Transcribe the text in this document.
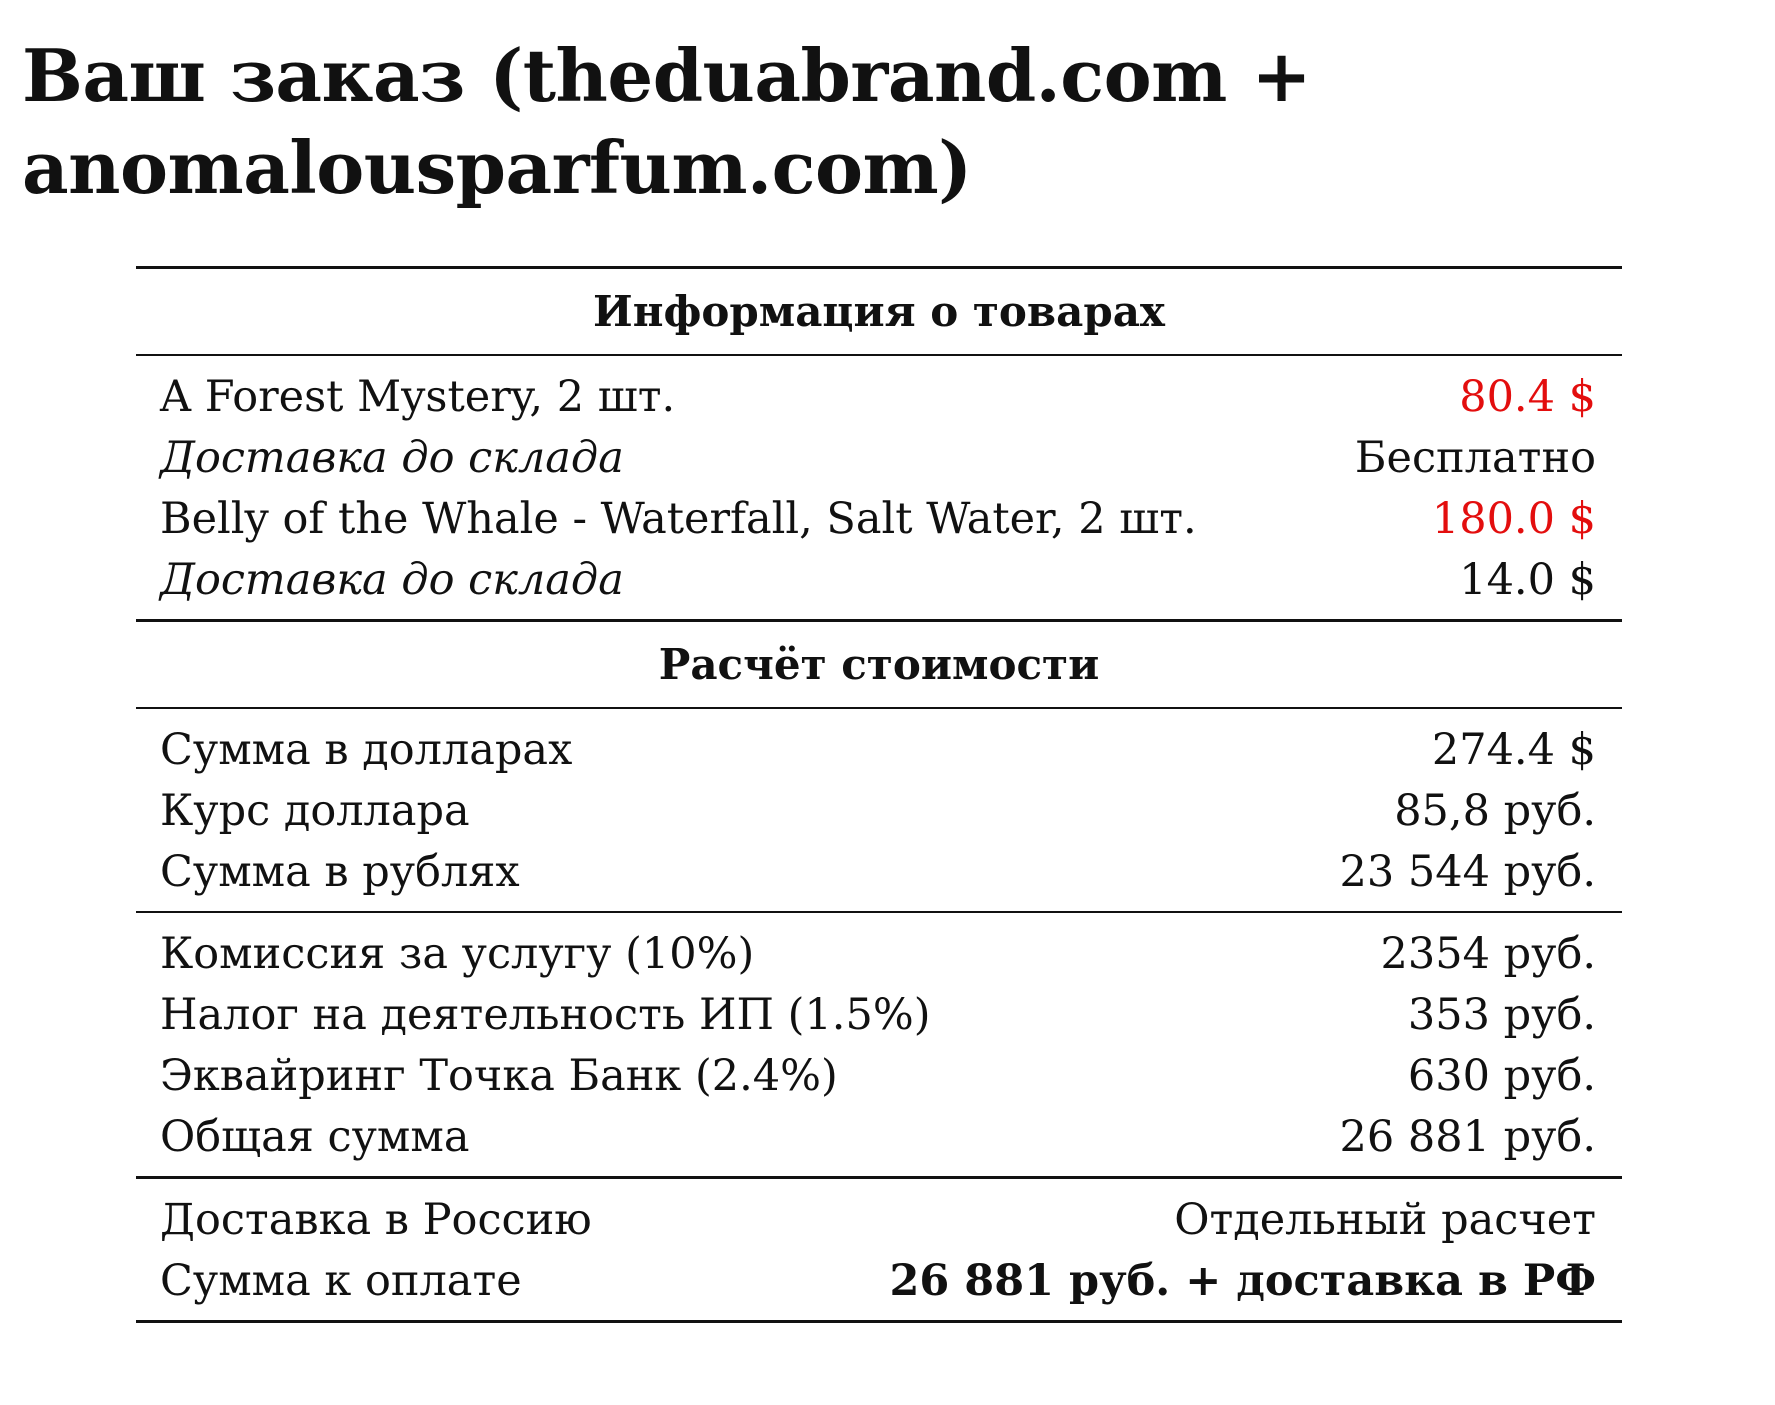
Ваш заказ (theduabrand.com +
anomalousparfum.com)
Информация о товарах
A Forest Mystery, 2 шт.	80.4 $
Доставка до склада	Бесплатно
Belly of the Whale - Waterfall, Salt Water, 2 шт.	180.0 $
Доставка до склада	14.0 $
Расчёт стоимости
Сумма в долларах	274.4 $
Курс доллара	85,8 руб.
Сумма в рублях	23 544 руб.
Комиссия за услугу (10%)	2354 руб.
Налог на деятельность ИП (1.5%)	353 руб.
Эквайринг Точка Банк (2.4%)	630 руб.
Общая сумма	26 881 руб.
Доставка в Россию	Отдельный расчет
Сумма к оплате	26 881 руб. + доставка в РФ
